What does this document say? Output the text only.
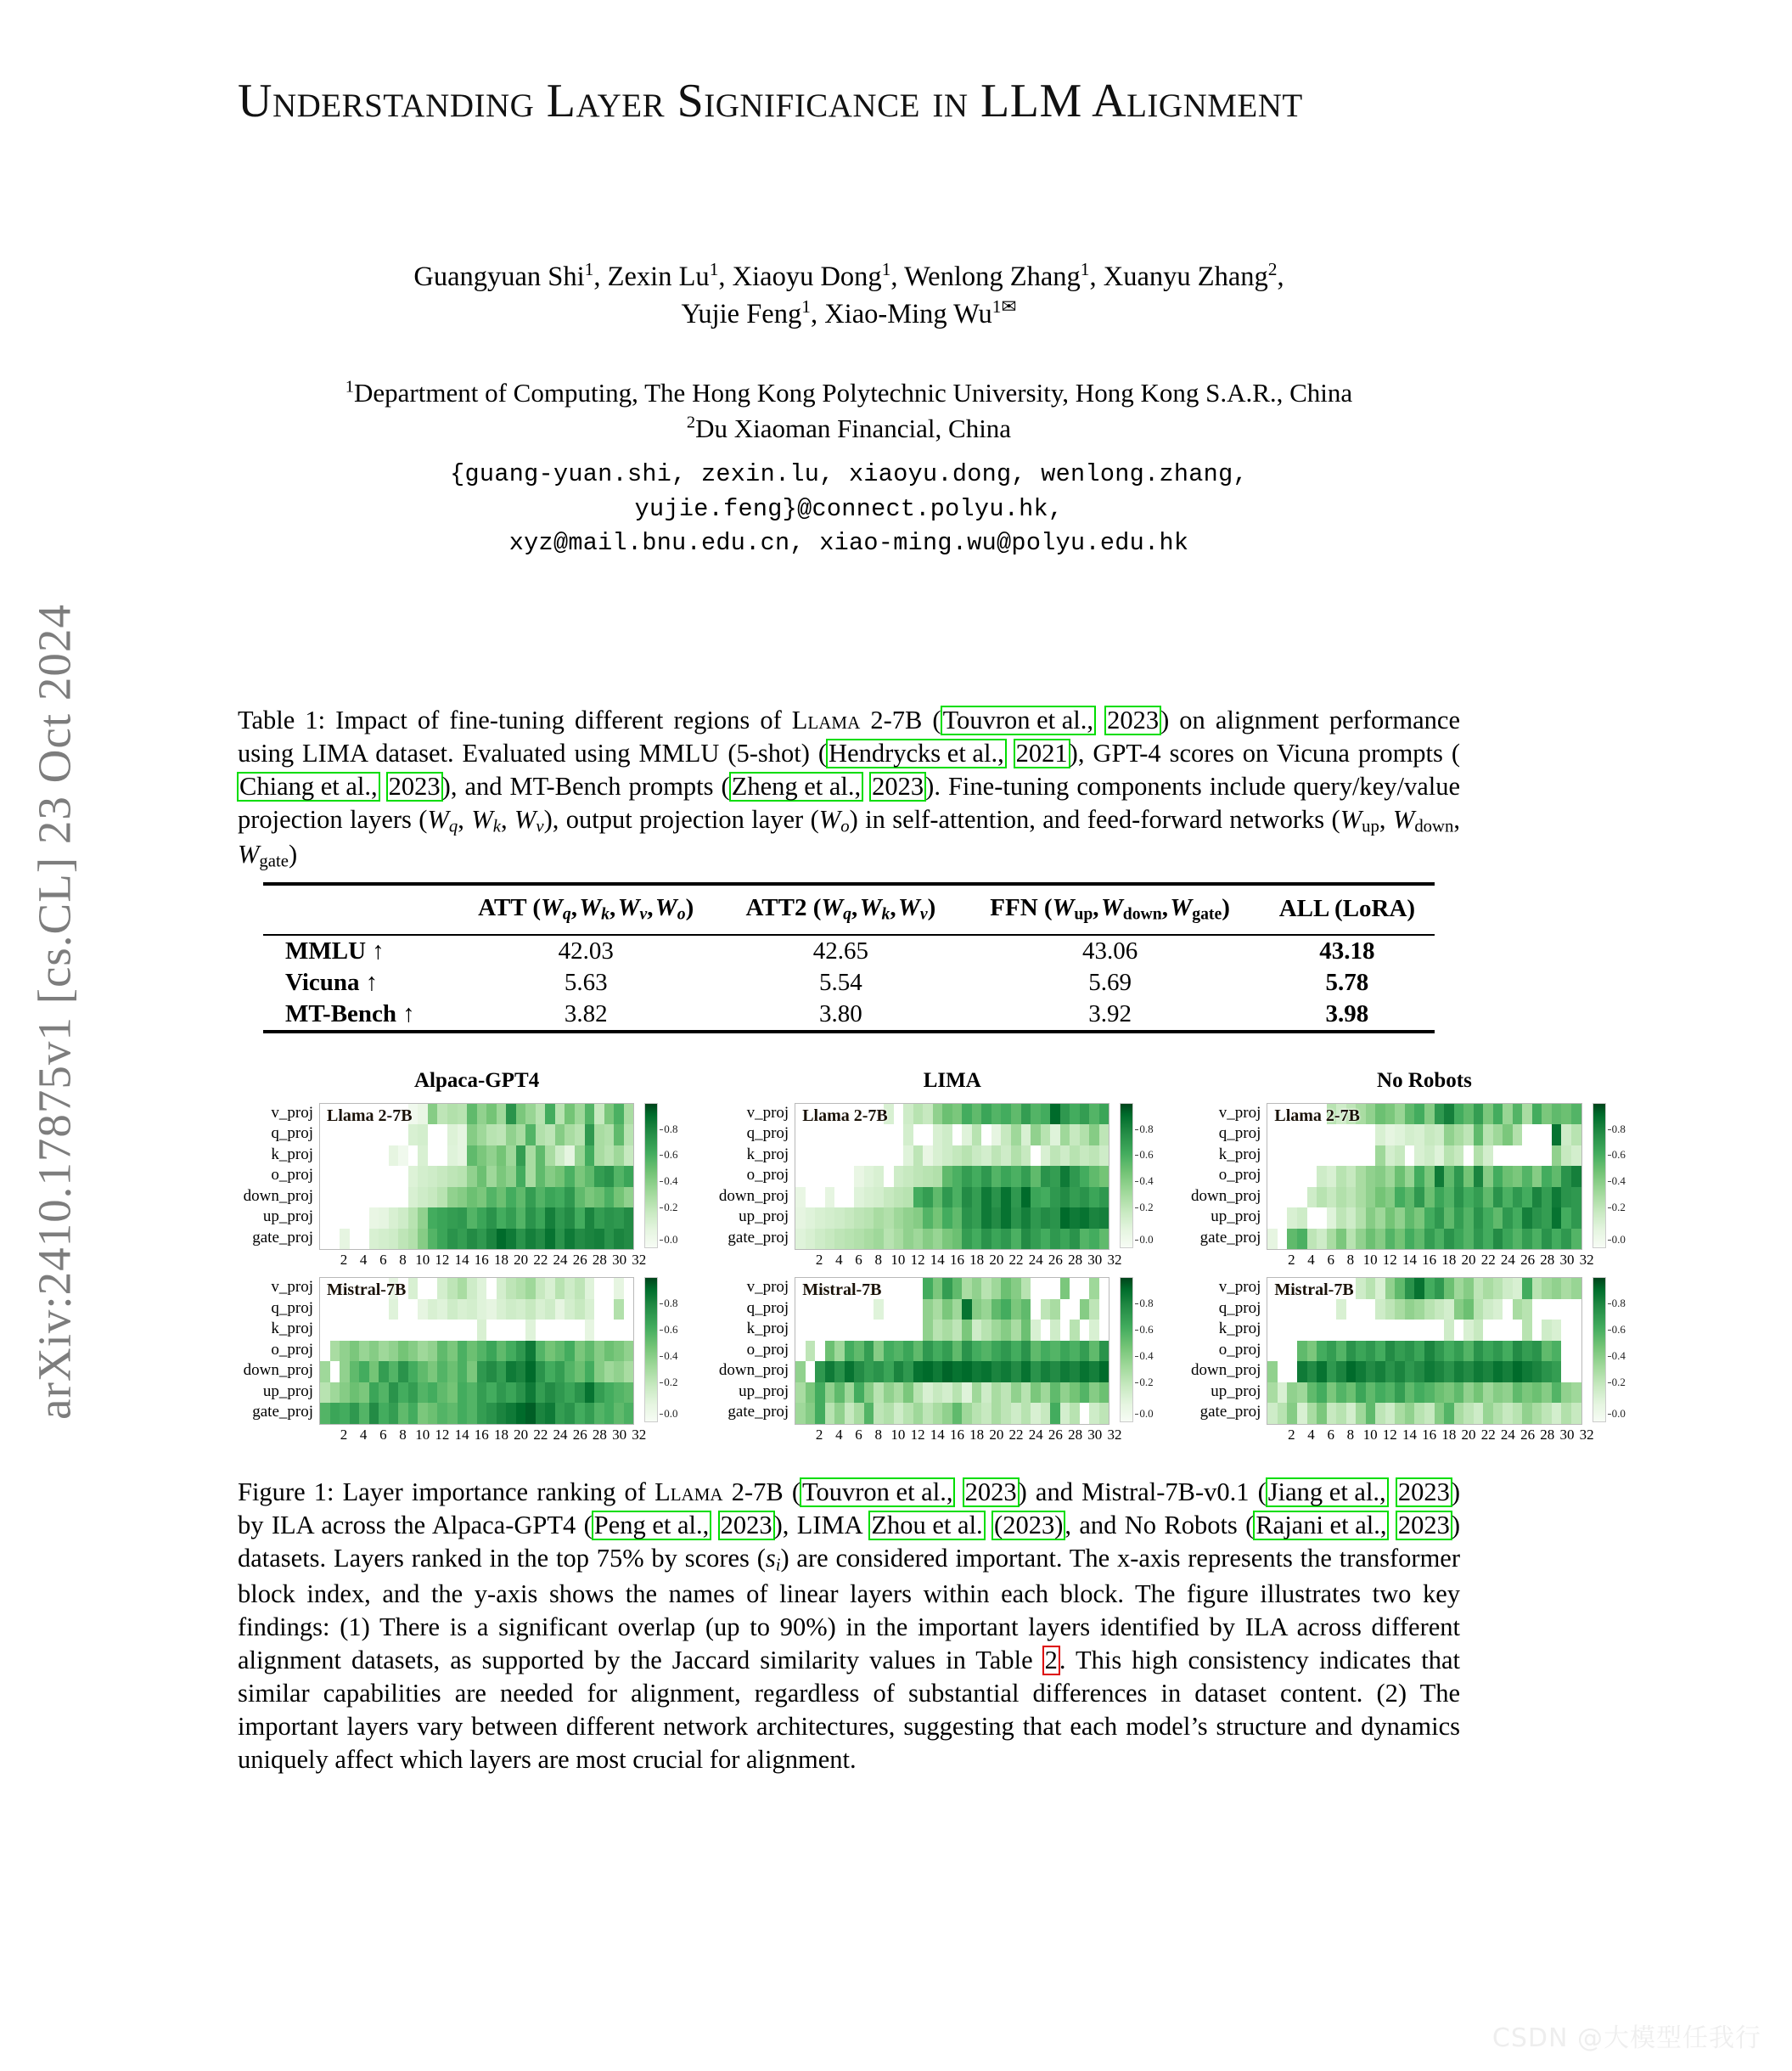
arXiv:2410.17875v1 [cs.CL] 23 Oct 2024
Understanding Layer Significance in LLM Alignment
Guangyuan Shi$^1$, Zexin Lu$^1$, Xiaoyu Dong$^1$, Wenlong Zhang$^1$, Xuanyu Zhang$^2$,
Yujie Feng$^1$, Xiao-Ming $Wu^{1✉}$
$^1$Department of Computing, The Hong Kong Polytechnic University, Hong Kong S.A.R., China
$^2$Du Xiaoman Financial, China
{guang-yuan.shi, zexin.lu, xiaoyu.dong, wenlong.zhang,
yujie.feng}@connect.polyu.hk,
xyz@mail.bnu.edu.cn, xiao-ming.wu@polyu.edu.hk
Table 1: Impact of fine-tuning different regions of Llama 2-7B (Touvron et al., 2023) on alignment performance using LIMA dataset. Evaluated using MMLU (5-shot) (Hendrycks et al., 2021), GPT-4 scores on Vicuna prompts (Chiang et al., 2023), and MT-Bench prompts (Zheng et al., 2023). Fine-tuning components include query/key/value projection layers (Wq, Wk, Wv), output projection layer (Wo) in self-attention, and feed-forward networks (Wup, Wdown, Wgate)
	ATT (Wq, Wk, Wv, Wo)	ATT2 (Wq, Wk, Wv)	FFN (Wup, Wdown, Wgate)	ALL (LoRA)
MMLU ↑	42.03	42.65	43.06	43.18
Vicuna ↑	5.63	5.54	5.69	5.78
MT-Bench ↑	3.82	3.80	3.92	3.98
Alpaca-GPT4
v_proj
q_proj
k_proj
o_proj
down_proj
up_proj
gate_proj
Llama 2-7B
2 4 6 8 10 12 14 16 18 20 22 24 26 28 30 32
0.8
0.6
0.4
0.2
0.0
LIMA
v_proj
q_proj
k_proj
o_proj
down_proj
up_proj
gate_proj
Llama 2-7B
2 4 6 8 10 12 14 16 18 20 22 24 26 28 30 32
0.8
0.6
0.4
0.2
0.0
No Robots
v_proj
q_proj
k_proj
o_proj
down_proj
up_proj
gate_proj
Llama 2-7B
2 4 6 8 10 12 14 16 18 20 22 24 26 28 30 32
0.8
0.6
0.4
0.2
0.0
v_proj
q_proj
k_proj
o_proj
down_proj
up_proj
gate_proj
Mistral-7B
2 4 6 8 10 12 14 16 18 20 22 24 26 28 30 32
0.8
0.6
0.4
0.2
0.0
v_proj
q_proj
k_proj
o_proj
down_proj
up_proj
gate_proj
Mistral-7B
2 4 6 8 10 12 14 16 18 20 22 24 26 28 30 32
0.8
0.6
0.4
0.2
0.0
v_proj
q_proj
k_proj
o_proj
down_proj
up_proj
gate_proj
Mistral-7B
2 4 6 8 10 12 14 16 18 20 22 24 26 28 30 32
0.8
0.6
0.4
0.2
0.0
Figure 1: Layer importance ranking of Llama 2-7B (Touvron et al., 2023) and Mistral-7B-v0.1 (Jiang et al., 2023) by ILA across the Alpaca-GPT4 (Peng et al., 2023), LIMA Zhou et al. (2023), and No Robots (Rajani et al., 2023) datasets. Layers ranked in the top 75% by scores (si) are considered important. The x-axis represents the transformer block index, and the y-axis shows the names of linear layers within each block. The figure illustrates two key findings: (1) There is a significant overlap (up to 90%) in the important layers identified by ILA across different alignment datasets, as supported by the Jaccard similarity values in Table 2. This high consistency indicates that similar capabilities are needed for alignment, regardless of substantial differences in dataset content. (2) The important layers vary between different network architectures, suggesting that each model’s structure and dynamics uniquely affect which layers are most crucial for alignment.
CSDN @大模型任我行
